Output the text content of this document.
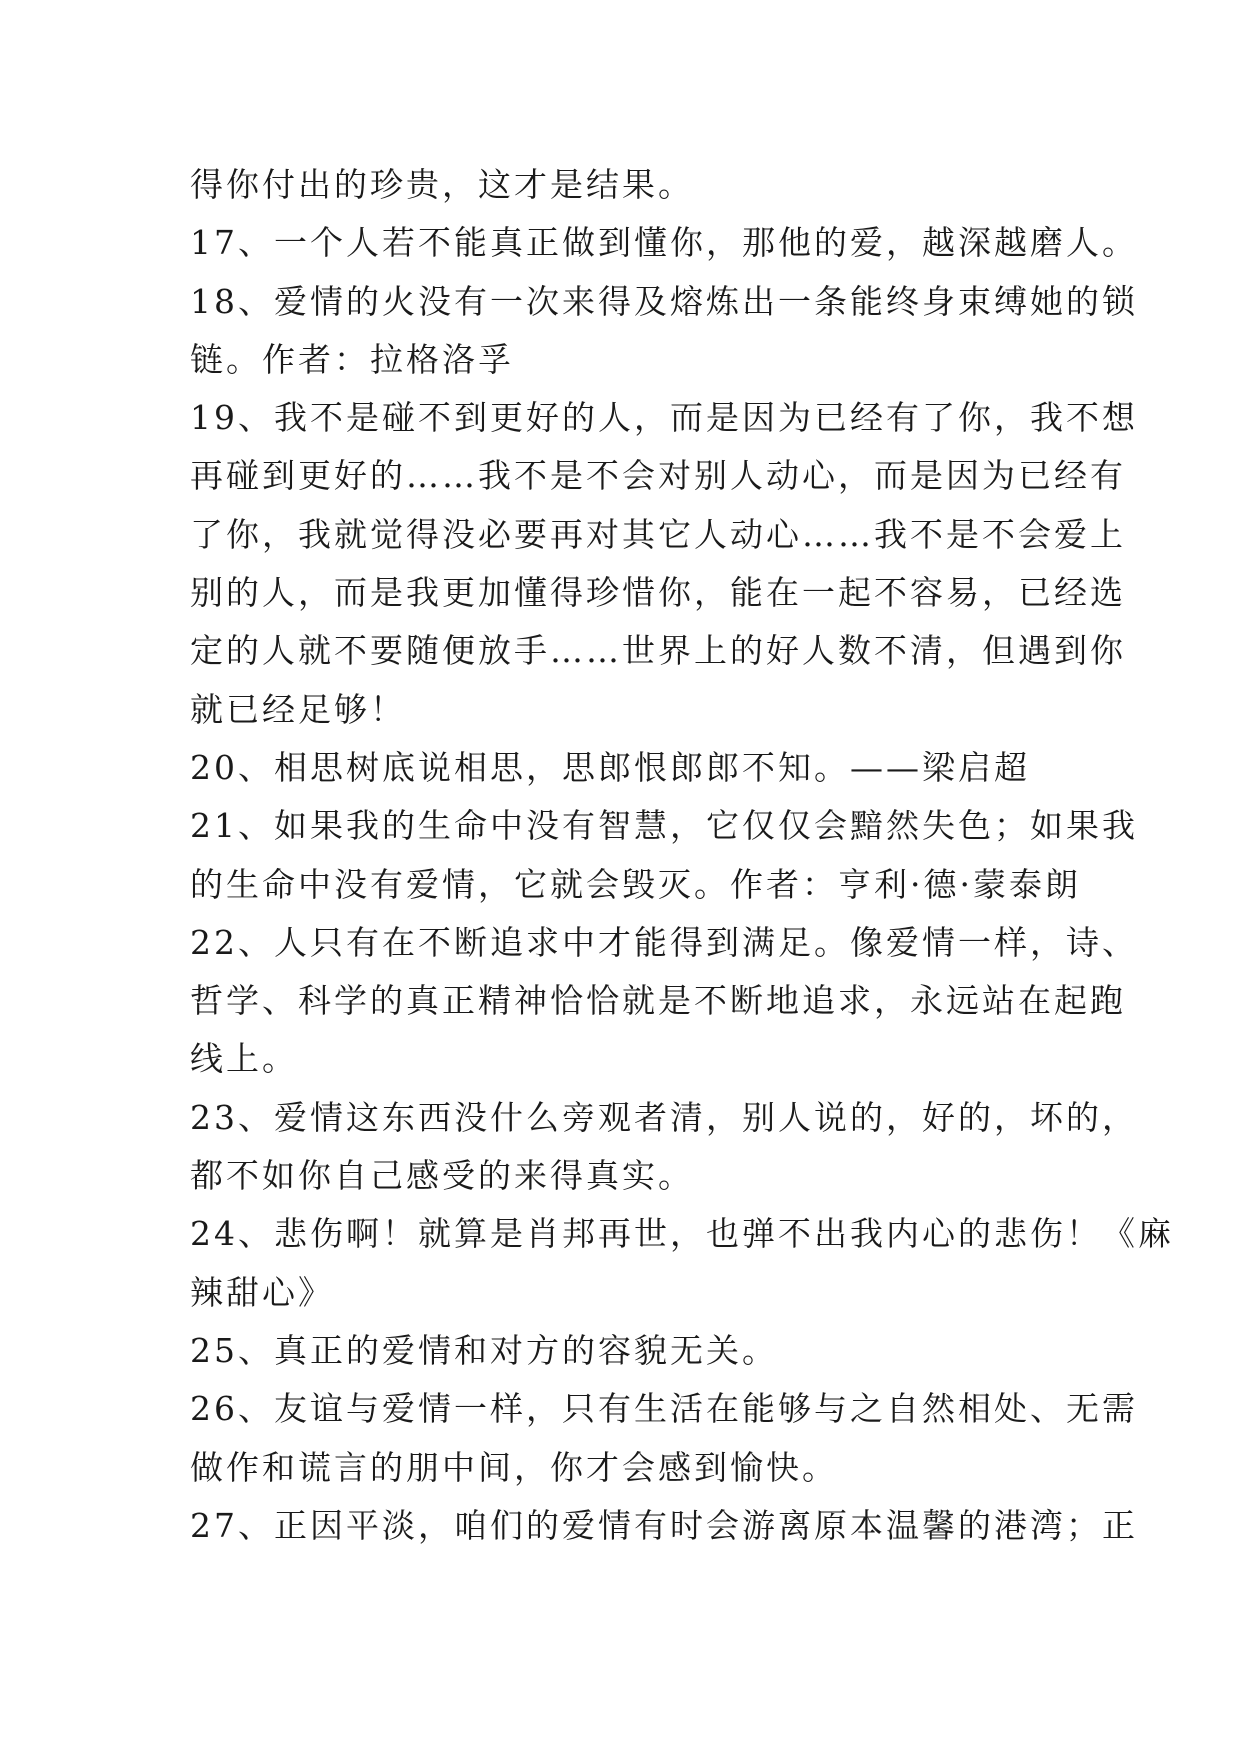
得你付出的珍贵，这才是结果。
17、一个人若不能真正做到懂你，那他的爱，越深越磨人。
18、爱情的火没有一次来得及熔炼出一条能终身束缚她的锁
链。作者：拉格洛孚
19、我不是碰不到更好的人，而是因为已经有了你，我不想
再碰到更好的……我不是不会对别人动心，而是因为已经有
了你，我就觉得没必要再对其它人动心……我不是不会爱上
别的人，而是我更加懂得珍惜你，能在一起不容易，已经选
定的人就不要随便放手……世界上的好人数不清，但遇到你
就已经足够！
20、相思树底说相思，思郎恨郎郎不知。——梁启超
21、如果我的生命中没有智慧，它仅仅会黯然失色；如果我
的生命中没有爱情，它就会毁灭。作者：亨利·德·蒙泰朗
22、人只有在不断追求中才能得到满足。像爱情一样，诗、
哲学、科学的真正精神恰恰就是不断地追求，永远站在起跑
线上。
23、爱情这东西没什么旁观者清，别人说的，好的，坏的，
都不如你自己感受的来得真实。
24、悲伤啊！就算是肖邦再世，也弹不出我内心的悲伤！《麻
辣甜心》
25、真正的爱情和对方的容貌无关。
26、友谊与爱情一样，只有生活在能够与之自然相处、无需
做作和谎言的朋中间，你才会感到愉快。
27、正因平淡，咱们的爱情有时会游离原本温馨的港湾；正
